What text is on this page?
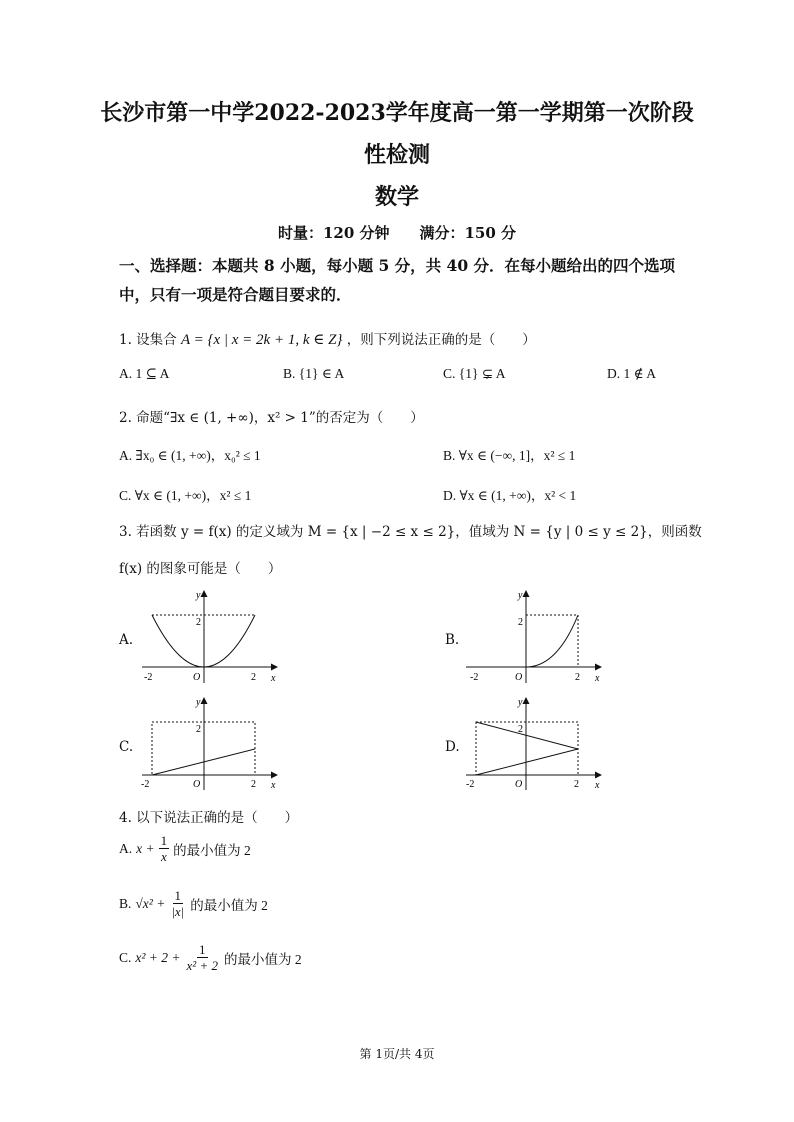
长沙市第一中学2022-2023学年度高一第一学期第一次阶段
性检测
数学
时量：120 分钟　　满分：150 分
一、选择题：本题共 8 小题，每小题 5 分，共 40 分．在每小题给出的四个选项
中，只有一项是符合题目要求的．
1. 设集合 A = {x | x = 2k + 1, k ∈ Z} ，则下列说法正确的是（　　）
A. 1 ⊆ A	B. {1} ∈ A	C. {1} ⊊ A	D. 1 ∉ A
2. 命题“∃x ∈ (1, +∞)，x² > 1”的否定为（　　）
A. ∃x₀ ∈ (1, +∞)，x₀² ≤ 1	B. ∀x ∈ (−∞, 1]，x² ≤ 1
C. ∀x ∈ (1, +∞)，x² ≤ 1	D. ∀x ∈ (1, +∞)，x² < 1
3. 若函数 y = f(x) 的定义域为 M = {x | −2 ≤ x ≤ 2}，值域为 N = {y | 0 ≤ y ≤ 2}，则函数
f(x) 的图象可能是（　　）
A.	B.
C.	D.
y
x
O
-2	2
2
y
x
O
-2	2
2
y
x
O
-2	2
2
y
x
O
-2	2
2
4. 以下说法正确的是（　　）
A. $x + \frac{1}{x}$ 的最小值为 2
B. $√x^2 + \frac{1}{|x|}$ 的最小值为 2
C. $x^2 + 2 + \frac{1}{\text{x² + 2}}$ 的最小值为 2
第 1页/共 4页
